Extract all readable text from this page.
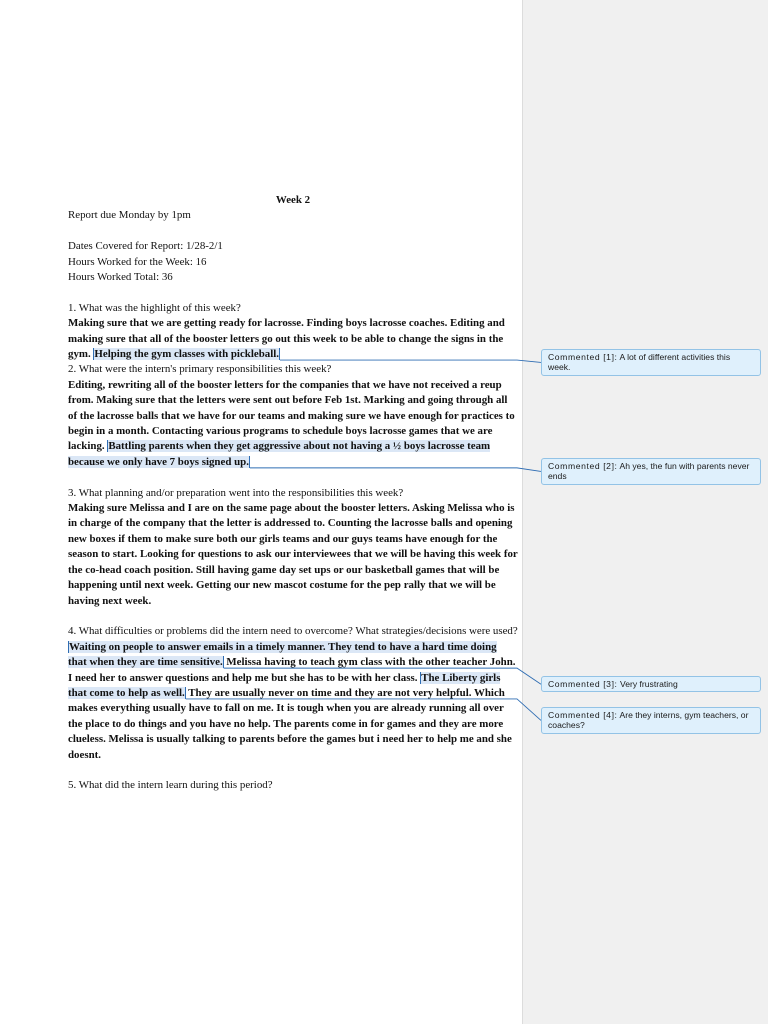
Week 2
Report due Monday by 1pm
Dates Covered for Report: 1/28-2/1
Hours Worked for the Week: 16
Hours Worked Total: 36
1. What was the highlight of this week?
Making sure that we are getting ready for lacrosse. Finding boys lacrosse coaches. Editing and making sure that all of the booster letters go out this week to be able to change the signs in the gym. Helping the gym classes with pickleball.
2. What were the intern's primary responsibilities this week?
Editing, rewriting all of the booster letters for the companies that we have not received a reup from. Making sure that the letters were sent out before Feb 1st. Marking and going through all of the lacrosse balls that we have for our teams and making sure we have enough for practices to begin in a month. Contacting various programs to schedule boys lacrosse games that we are lacking. Battling parents when they get aggressive about not having a ½ boys lacrosse team because we only have 7 boys signed up.
3. What planning and/or preparation went into the responsibilities this week?
Making sure Melissa and I are on the same page about the booster letters. Asking Melissa who is in charge of the company that the letter is addressed to. Counting the lacrosse balls and opening new boxes if them to make sure both our girls teams and our guys teams have enough for the season to start. Looking for questions to ask our interviewees that we will be having this week for the co-head coach position. Still having game day set ups or our basketball games that will be happening until next week. Getting our new mascot costume for the pep rally that we will be having next week.
4. What difficulties or problems did the intern need to overcome? What strategies/decisions were used?
Waiting on people to answer emails in a timely manner. They tend to have a hard time doing that when they are time sensitive. Melissa having to teach gym class with the other teacher John. I need her to answer questions and help me but she has to be with her class. The Liberty girls that come to help as well. They are usually never on time and they are not very helpful. Which makes everything usually have to fall on me. It is tough when you are already running all over the place to do things and you have no help. The parents come in for games and they are more clueless. Melissa is usually talking to parents before the games but i need her to help me and she doesnt.
5. What did the intern learn during this period?
Commented [1]: A lot of different activities this week.
Commented [2]: Ah yes, the fun with parents never ends
Commented [3]: Very frustrating
Commented [4]: Are they interns, gym teachers, or coaches?
